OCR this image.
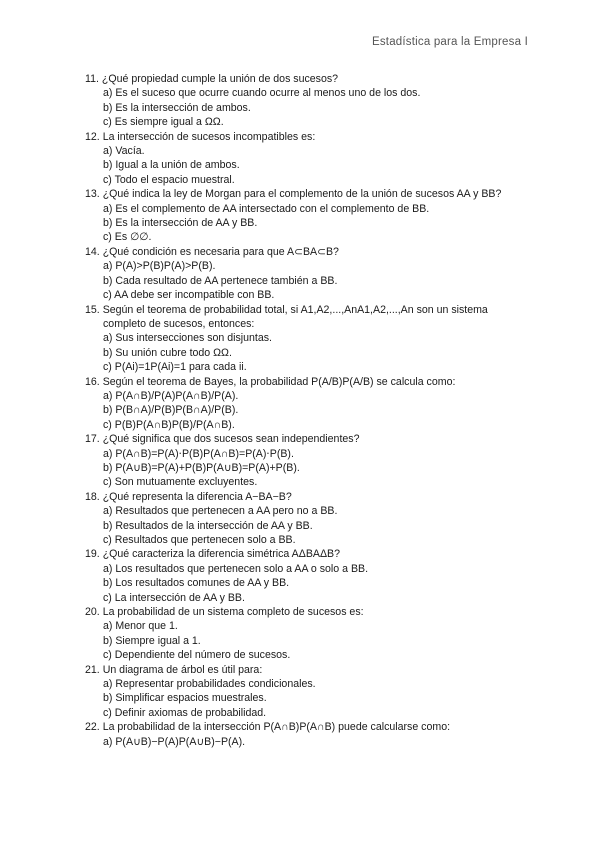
Estadística para la Empresa I
11. ¿Qué propiedad cumple la unión de dos sucesos?
a) Es el suceso que ocurre cuando ocurre al menos uno de los dos.
b) Es la intersección de ambos.
c) Es siempre igual a ΩΩ.
12. La intersección de sucesos incompatibles es:
a) Vacía.
b) Igual a la unión de ambos.
c) Todo el espacio muestral.
13. ¿Qué indica la ley de Morgan para el complemento de la unión de sucesos AA y BB?
a) Es el complemento de AA intersectado con el complemento de BB.
b) Es la intersección de AA y BB.
c) Es ∅∅.
14. ¿Qué condición es necesaria para que A⊂BA⊂B?
a) P(A)>P(B)P(A)>P(B).
b) Cada resultado de AA pertenece también a BB.
c) AA debe ser incompatible con BB.
15. Según el teorema de probabilidad total, si A1,A2,...,AnA1,A2,...,An son un sistema
completo de sucesos, entonces:
a) Sus intersecciones son disjuntas.
b) Su unión cubre todo ΩΩ.
c) P(Ai)=1P(Ai)=1 para cada ii.
16. Según el teorema de Bayes, la probabilidad P(A/B)P(A/B) se calcula como:
a) P(A∩B)/P(A)P(A∩B)/P(A).
b) P(B∩A)/P(B)P(B∩A)/P(B).
c) P(B)P(A∩B)P(B)/P(A∩B).
17. ¿Qué significa que dos sucesos sean independientes?
a) P(A∩B)=P(A)⋅P(B)P(A∩B)=P(A)⋅P(B).
b) P(A∪B)=P(A)+P(B)P(A∪B)=P(A)+P(B).
c) Son mutuamente excluyentes.
18. ¿Qué representa la diferencia A−BA−B?
a) Resultados que pertenecen a AA pero no a BB.
b) Resultados de la intersección de AA y BB.
c) Resultados que pertenecen solo a BB.
19. ¿Qué caracteriza la diferencia simétrica AΔBAΔB?
a) Los resultados que pertenecen solo a AA o solo a BB.
b) Los resultados comunes de AA y BB.
c) La intersección de AA y BB.
20. La probabilidad de un sistema completo de sucesos es:
a) Menor que 1.
b) Siempre igual a 1.
c) Dependiente del número de sucesos.
21. Un diagrama de árbol es útil para:
a) Representar probabilidades condicionales.
b) Simplificar espacios muestrales.
c) Definir axiomas de probabilidad.
22. La probabilidad de la intersección P(A∩B)P(A∩B) puede calcularse como:
a) P(A∪B)−P(A)P(A∪B)−P(A).
